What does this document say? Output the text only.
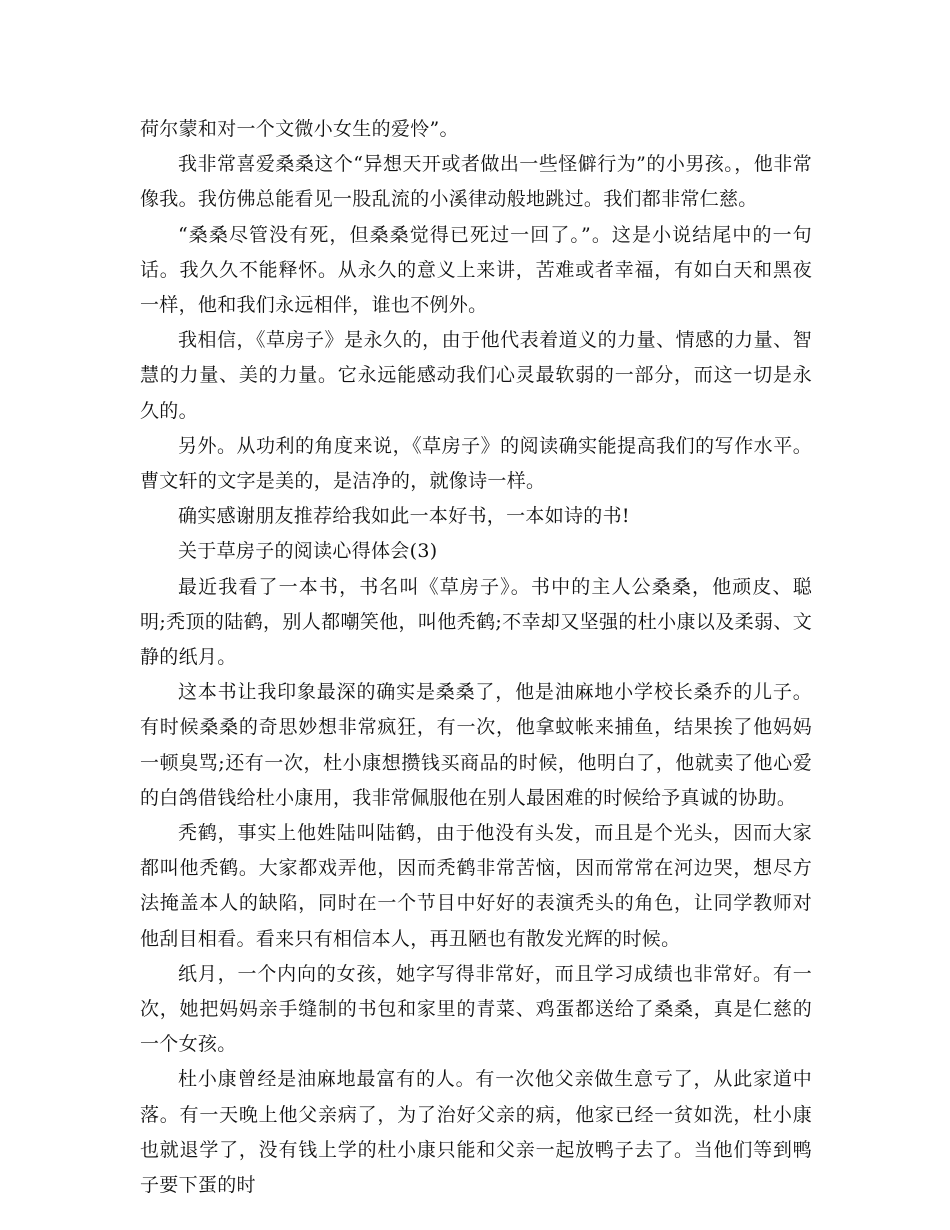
荷尔蒙和对一个文微小女生的爱怜”。

我非常喜爱桑桑这个“异想天开或者做出一些怪僻行为”的小男孩。，他非常像我。我仿佛总能看见一股乱流的小溪律动般地跳过。我们都非常仁慈。

“桑桑尽管没有死，但桑桑觉得已死过一回了。”。这是小说结尾中的一句话。我久久不能释怀。从永久的意义上来讲，苦难或者幸福，有如白天和黑夜一样，他和我们永远相伴，谁也不例外。

我相信，《草房子》是永久的，由于他代表着道义的力量、情感的力量、智慧的力量、美的力量。它永远能感动我们心灵最软弱的一部分，而这一切是永久的。

另外。从功利的角度来说，《草房子》的阅读确实能提高我们的写作水平。曹文轩的文字是美的，是洁净的，就像诗一样。

确实感谢朋友推荐给我如此一本好书，一本如诗的书!

关于草房子的阅读心得体会(3)

最近我看了一本书，书名叫《草房子》。书中的主人公桑桑，他顽皮、聪明;秃顶的陆鹤，别人都嘲笑他，叫他秃鹤;不幸却又坚强的杜小康以及柔弱、文静的纸月。

这本书让我印象最深的确实是桑桑了，他是油麻地小学校长桑乔的儿子。有时候桑桑的奇思妙想非常疯狂，有一次，他拿蚊帐来捕鱼，结果挨了他妈妈一顿臭骂;还有一次，杜小康想攒钱买商品的时候，他明白了，他就卖了他心爱的白鸽借钱给杜小康用，我非常佩服他在别人最困难的时候给予真诚的协助。

秃鹤，事实上他姓陆叫陆鹤，由于他没有头发，而且是个光头，因而大家都叫他秃鹤。大家都戏弄他，因而秃鹤非常苦恼，因而常常在河边哭，想尽方法掩盖本人的缺陷，同时在一个节目中好好的表演秃头的角色，让同学教师对他刮目相看。看来只有相信本人，再丑陋也有散发光辉的时候。

纸月，一个内向的女孩，她字写得非常好，而且学习成绩也非常好。有一次，她把妈妈亲手缝制的书包和家里的青菜、鸡蛋都送给了桑桑，真是仁慈的一个女孩。

杜小康曾经是油麻地最富有的人。有一次他父亲做生意亏了，从此家道中落。有一天晚上他父亲病了，为了治好父亲的病，他家已经一贫如洗，杜小康也就退学了，没有钱上学的杜小康只能和父亲一起放鸭子去了。当他们等到鸭子要下蛋的时
